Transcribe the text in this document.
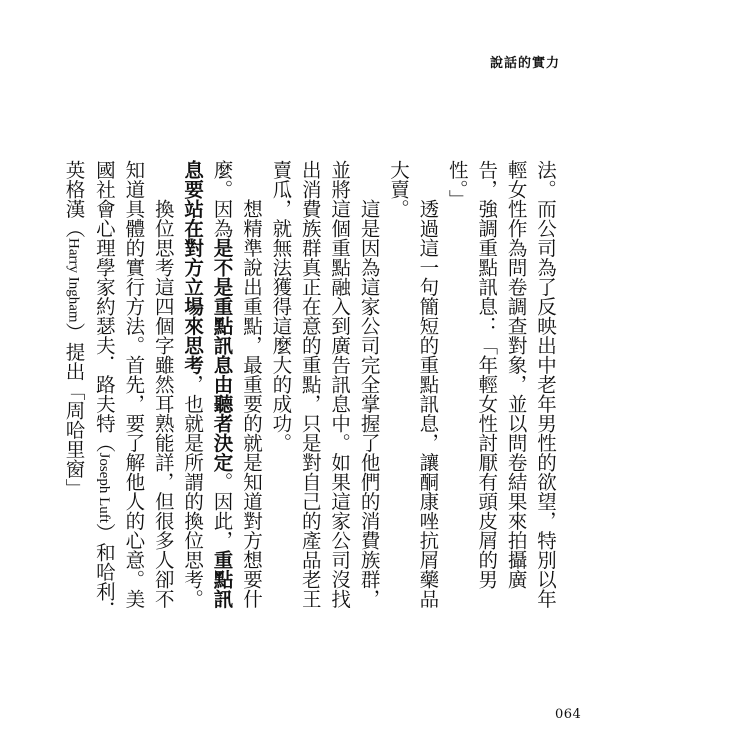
說話的實力
法。而公司為了反映出中老年男性的欲望，特別以年輕女性作為問卷調查對象，並以問卷結果來拍攝廣告，強調重點訊息：「年輕女性討厭有頭皮屑的男性。」
透過這一句簡短的重點訊息，讓酮康唑抗屑藥品大賣。
這是因為這家公司完全掌握了他們的消費族群，並將這個重點融入到廣告訊息中。如果這家公司沒找出消費族群真正在意的重點，只是對自己的產品老王賣瓜，就無法獲得這麼大的成功。
想精準說出重點，最重要的就是知道對方想要什麼。因為是不是重點訊息由聽者決定。因此，重點訊息要站在對方立場來思考，也就是所謂的換位思考。
換位思考這四個字雖然耳熟能詳，但很多人卻不知道具體的實行方法。首先，要了解他人的心意。美國社會心理學家約瑟夫．路夫特（Joseph Luft）和哈利．英格漢（Harry Ingham）提出「周哈里窗」
064
